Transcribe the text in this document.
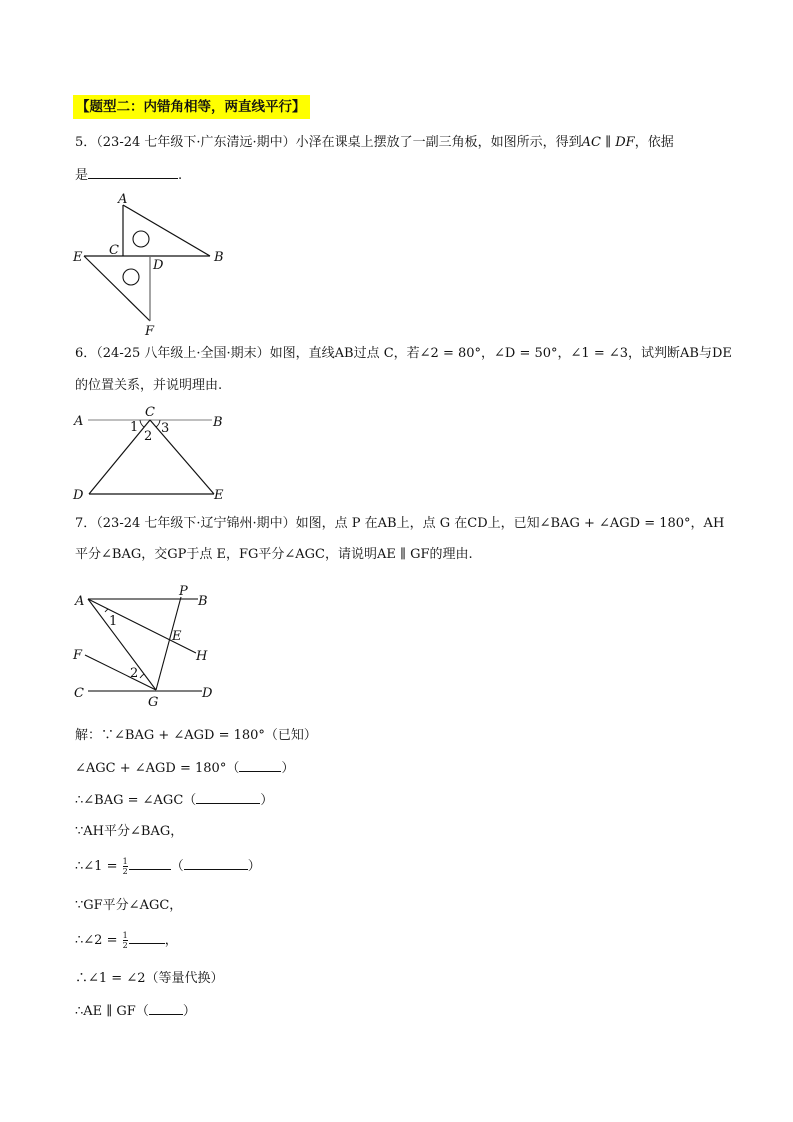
【题型二：内错角相等，两直线平行】
5．（23-24 七年级下·广东清远·期中）小泽在课桌上摆放了一副三角板，如图所示，得到AC ∥ DF，依据
是	.
A
B
C
D
E
F
6．（24-25 八年级上·全国·期末）如图，直线AB过点 C，若∠2 = 80°，∠D = 50°，∠1 = ∠3，试判断AB与DE
的位置关系，并说明理由.
A	B
C
D	E
1
2
3
7．（23-24 七年级下·辽宁锦州·期中）如图，点 P 在AB上，点 G 在CD上，已知∠BAG + ∠AGD = 180°，AH
平分∠BAG，交GP于点 E，FG平分∠AGC，请说明AE ∥ GF的理由.
A	B
C	D
E
F
G
H
P
1
2
解：∵∠BAG + ∠AGD = 180°（已知）
∠AGC + ∠AGD = 180°（	）
∴∠BAG = ∠AGC（	）
∵AH平分∠BAG，
∴∠1 = $\frac{1}{2}$	（	）
∵GF平分∠AGC，
∴∠2 = $\frac{1}{2}$	，
∴∠1 = ∠2（等量代换）
∴AE ∥ GF（	）
